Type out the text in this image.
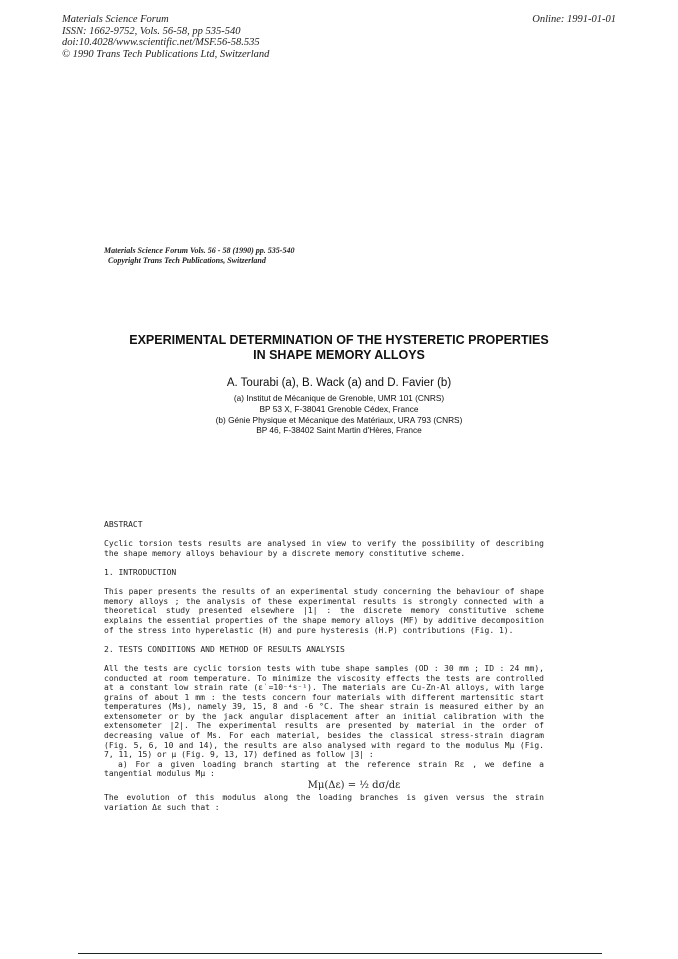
Materials Science Forum
ISSN: 1662-9752, Vols. 56-58, pp 535-540
doi:10.4028/www.scientific.net/MSF.56-58.535
© 1990 Trans Tech Publications Ltd, Switzerland
Online: 1991-01-01
Materials Science Forum Vols. 56 - 58 (1990) pp. 535-540
Copyright Trans Tech Publications, Switzerland
EXPERIMENTAL DETERMINATION OF THE HYSTERETIC PROPERTIES
IN SHAPE MEMORY ALLOYS
A. Tourabi (a), B. Wack (a) and D. Favier (b)
(a) Institut de Mécanique de Grenoble, UMR 101 (CNRS)
BP 53 X, F-38041 Grenoble Cédex, France
(b) Génie Physique et Mécanique des Matériaux, URA 793 (CNRS)
BP 46, F-38402 Saint Martin d'Hères, France

ABSTRACT

Cyclic torsion tests results are analysed in view to verify the possibility of describing the shape memory alloys behaviour by a discrete memory constitutive scheme.

1. INTRODUCTION

This paper presents the results of an experimental study concerning the behaviour of shape memory alloys ; the analysis of these experimental results is strongly connected with a theoretical study presented elsewhere |1| : the discrete memory constitutive scheme explains the essential properties of the shape memory alloys (MF) by additive decomposition of the stress into hyperelastic (H) and pure hysteresis (H.P) contributions (Fig. 1).

2. TESTS CONDITIONS AND METHOD OF RESULTS ANALYSIS

All the tests are cyclic torsion tests with tube shape samples (OD : 30 mm ; ID : 24 mm), conducted at room temperature. To minimize the viscosity effects the tests are controlled at a constant low strain rate (ε̇ =10⁻⁴s⁻¹). The materials are Cu-Zn-Al alloys, with large grains of about 1 mm : the tests concern four materials with different martensitic start temperatures (Ms), namely 39, 15, 8 and -6 °C. The shear strain is measured either by an extensometer or by the jack angular displacement after an initial calibration with the extensometer |2|. The experimental results are presented by material in the order of decreasing value of Ms. For each material, besides the classical stress-strain diagram (Fig. 5, 6, 10 and 14), the results are also analysed with regard to the modulus Mμ (Fig. 7, 11, 15) or μ (Fig. 9, 13, 17) defined as follow |3| :

a) For a given loading branch starting at the reference strain Rε , we define a tangential modulus Mμ :

Mμ(Δε) = ½ dσ/dε

The evolution of this modulus along the loading branches is given versus the strain variation Δε such that :
